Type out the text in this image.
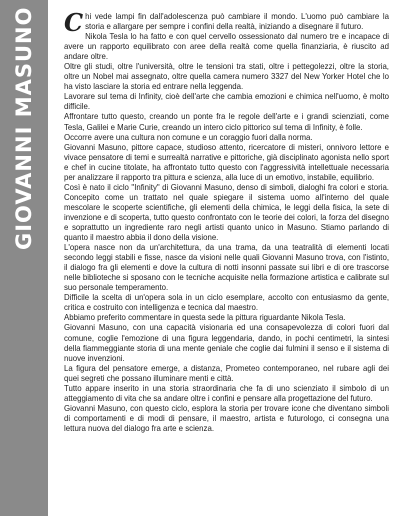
GIOVANNI MASUNO Chi vede lampi fin dall'adolescenza può cambiare il mondo. L'uomo può cambiare la storia e allargare per sempre i confini della realtà, iniziando a disegnare il futuro.

Nikola Tesla lo ha fatto e con quel cervello ossessionato dal numero tre e incapace di avere un rapporto equilibrato con aree della realtà come quella finanziaria, è riuscito ad andare oltre.

Oltre gli studi, oltre l'università, oltre le tensioni tra stati, oltre i pettegolezzi, oltre la storia, oltre un Nobel mai assegnato, oltre quella camera numero 3327 del New Yorker Hotel che lo ha visto lasciare la storia ed entrare nella leggenda.

Lavorare sul tema di Infinity, cioè dell'arte che cambia emozioni e chimica nell'uomo, è molto difficile.

Affrontare tutto questo, creando un ponte fra le regole dell'arte e i grandi scienziati, come Tesla, Galilei e Marie Curie, creando un intero ciclo pittorico sul tema di Infinity, è folle.

Occorre avere una cultura non comune e un coraggio fuori dalla norma.

Giovanni Masuno, pittore capace, studioso attento, ricercatore di misteri, onnivoro lettore e vivace pensatore di temi e surrealtà narrative e pittoriche, già disciplinato agonista nello sport e chef in cucine titolate, ha affrontato tutto questo con l'aggressività intellettuale necessaria per analizzare il rapporto tra pittura e scienza, alla luce di un emotivo, instabile, equilibrio.

Così è nato il ciclo "Infinity" di Giovanni Masuno, denso di simboli, dialoghi fra colori e storia. Concepito come un trattato nel quale spiegare il sistema uomo all'interno del quale mescolare le scoperte scientifiche, gli elementi della chimica, le leggi della fisica, la sete di invenzione e di scoperta, tutto questo confrontato con le teorie dei colori, la forza del disegno e soprattutto un ingrediente raro negli artisti quanto unico in Masuno. Stiamo parlando di quanto il maestro abbia il dono della visione.

L'opera nasce non da un'architettura, da una trama, da una teatralità di elementi locati secondo leggi stabili e fisse, nasce da visioni nelle quali Giovanni Masuno trova, con l'istinto, il dialogo fra gli elementi e dove la cultura di notti insonni passate sui libri e di ore trascorse nelle biblioteche si sposano con le tecniche acquisite nella formazione artistica e calibrate sul suo personale temperamento.

Difficile la scelta di un'opera sola in un ciclo esemplare, accolto con entusiasmo da gente, critica e costruito con intelligenza e tecnica dal maestro.

Abbiamo preferito commentare in questa sede la pittura riguardante Nikola Tesla.

Giovanni Masuno, con una capacità visionaria ed una consapevolezza di colori fuori dal comune, coglie l'emozione di una figura leggendaria, dando, in pochi centimetri, la sintesi della fiammeggiante storia di una mente geniale che coglie dai fulmini il senso e il sistema di nuove invenzioni.

La figura del pensatore emerge, a distanza, Prometeo contemporaneo, nel rubare agli dei quei segreti che possano illuminare menti e città.

Tutto appare inserito in una storia straordinaria che fa di uno scienziato il simbolo di un atteggiamento di vita che sa andare oltre i confini e pensare alla progettazione del futuro.

Giovanni Masuno, con questo ciclo, esplora la storia per trovare icone che diventano simboli di comportamenti e di modi di pensare, il maestro, artista e futurologo, ci consegna una lettura nuova del dialogo fra arte e scienza.
